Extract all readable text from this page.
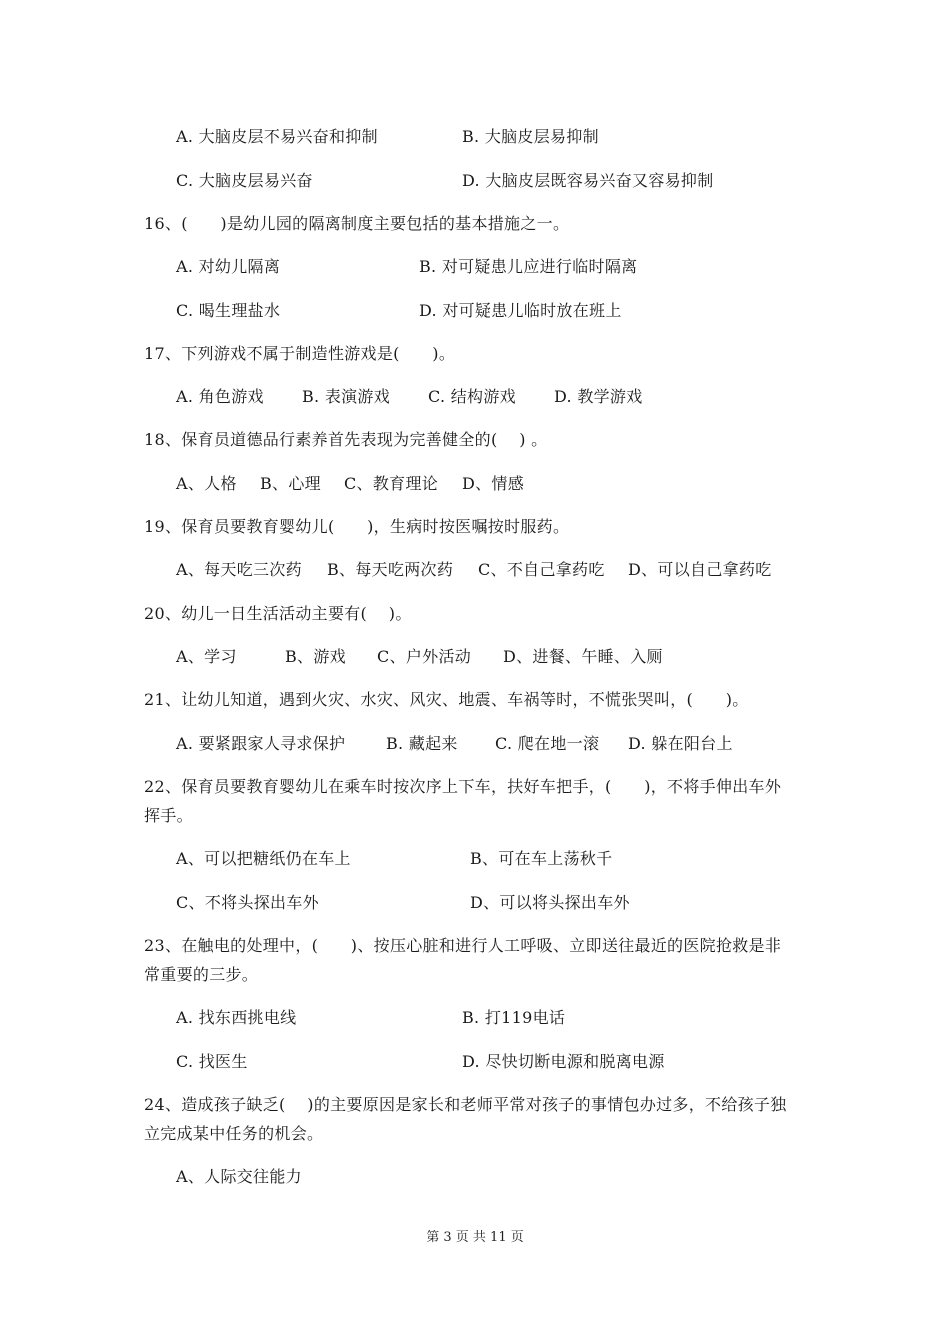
A. 大脑皮层不易兴奋和抑制	B. 大脑皮层易抑制
C. 大脑皮层易兴奋	D. 大脑皮层既容易兴奋又容易抑制
16、(　　)是幼儿园的隔离制度主要包括的基本措施之一。
A. 对幼儿隔离	B. 对可疑患儿应进行临时隔离
C. 喝生理盐水	D. 对可疑患儿临时放在班上
17、下列游戏不属于制造性游戏是(　　)。
A. 角色游戏 B. 表演游戏 C. 结构游戏 D. 教学游戏
18、保育员道德品行素养首先表现为完善健全的(　 ) 。
A、人格 B、心理 C、教育理论 D、情感
19、保育员要教育婴幼儿(　　)，生病时按医嘱按时服药。
A、每天吃三次药 B、每天吃两次药 C、不自己拿药吃 D、可以自己拿药吃
20、幼儿一日生活活动主要有(　 )。
A、学习	B、游戏 C、户外活动 D、进餐、午睡、入厕
21、让幼儿知道，遇到火灾、水灾、风灾、地震、车祸等时，不慌张哭叫，(　　)。
A. 要紧跟家人寻求保护	B. 藏起来 C. 爬在地一滚 D. 躲在阳台上
22、保育员要教育婴幼儿在乘车时按次序上下车，扶好车把手，(　　)，不将手伸出车外
挥手。
A、可以把糖纸仍在车上	B、可在车上荡秋千
C、不将头探出车外	D、可以将头探出车外
23、在触电的处理中，(　　)、按压心脏和进行人工呼吸、立即送往最近的医院抢救是非
常重要的三步。
A. 找东西挑电线	B. 打119电话
C. 找医生	D. 尽快切断电源和脱离电源
24、造成孩子缺乏(　 )的主要原因是家长和老师平常对孩子的事情包办过多，不给孩子独
立完成某中任务的机会。
A、人际交往能力
第 3 页 共 11 页
